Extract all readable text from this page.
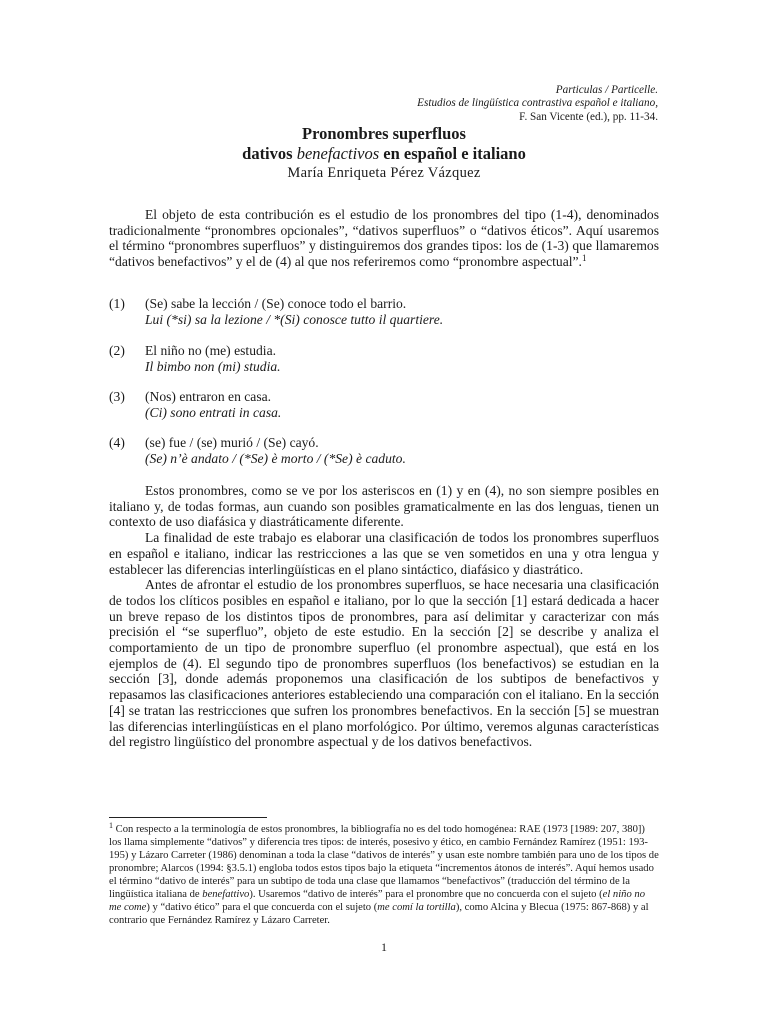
Particulas / Particelle.
Estudios de lingüística contrastiva español e italiano,
F. San Vicente (ed.), pp. 11-34.
Pronombres superfluos
dativos benefactivos en español e italiano
María Enriqueta Pérez Vázquez

El objeto de esta contribución es el estudio de los pronombres del tipo (1-4), denominados tradicionalmente “pronombres opcionales”, “dativos superfluos” o “dativos éticos”. Aquí usaremos el término “pronombres superfluos” y distinguiremos dos grandes tipos: los de (1-3) que llamaremos “dativos benefactivos” y el de (4) al que nos referiremos como “pronombre aspectual”.$^1$

(1) (Se) sabe la lección / (Se) conoce todo el barrio.
Lui (*si) sa la lezione / *(Si) conosce tutto il quartiere.
(2) El niño no (me) estudia.
Il bimbo non (mi) studia.
(3) (Nos) entraron en casa.
(Ci) sono entrati in casa.
(4) (se) fue / (se) murió / (Se) cayó.
(Se) n’è andato / (*Se) è morto / (*Se) è caduto.

Estos pronombres, como se ve por los asteriscos en (1) y en (4), no son siempre posibles en italiano y, de todas formas, aun cuando son posibles gramaticalmente en las dos lenguas, tienen un contexto de uso diafásica y diastráticamente diferente.

La finalidad de este trabajo es elaborar una clasificación de todos los pronombres superfluos en español e italiano, indicar las restricciones a las que se ven sometidos en una y otra lengua y establecer las diferencias interlingüísticas en el plano sintáctico, diafásico y diastrático.

Antes de afrontar el estudio de los pronombres superfluos, se hace necesaria una clasificación de todos los clíticos posibles en español e italiano, por lo que la sección [1] estará dedicada a hacer un breve repaso de los distintos tipos de pronombres, para así delimitar y caracterizar con más precisión el “se superfluo”, objeto de este estudio. En la sección [2] se describe y analiza el comportamiento de un tipo de pronombre superfluo (el pronombre aspectual), que está en los ejemplos de (4). El segundo tipo de pronombres superfluos (los benefactivos) se estudian en la sección [3], donde además proponemos una clasificación de los subtipos de benefactivos y repasamos las clasificaciones anteriores estableciendo una comparación con el italiano. En la sección [4] se tratan las restricciones que sufren los pronombres benefactivos. En la sección [5] se muestran las diferencias interlingüísticas en el plano morfológico. Por último, veremos algunas características del registro lingüístico del pronombre aspectual y de los dativos benefactivos.

$^1$ Con respecto a la terminología de estos pronombres, la bibliografía no es del todo homogénea: RAE (1973 [1989: 207, 380]) los llama simplemente “dativos” y diferencia tres tipos: de interés, posesivo y ético, en cambio Fernández Ramírez (1951: 193-195) y Lázaro Carreter (1986) denominan a toda la clase “dativos de interés” y usan este nombre también para uno de los tipos de pronombre; Alarcos (1994: §3.5.1) engloba todos estos tipos bajo la etiqueta “incrementos átonos de interés”. Aquí hemos usado el término “dativo de interés” para un subtipo de toda una clase que llamamos “benefactivos” (traducción del término de la lingüística italiana de benefattivo). Usaremos “dativo de interés” para el pronombre que no concuerda con el sujeto (el niño no me come) y “dativo ético” para el que concuerda con el sujeto (me comí la tortilla), como Alcina y Blecua (1975: 867-868) y al contrario que Fernández Ramírez y Lázaro Carreter.
1
